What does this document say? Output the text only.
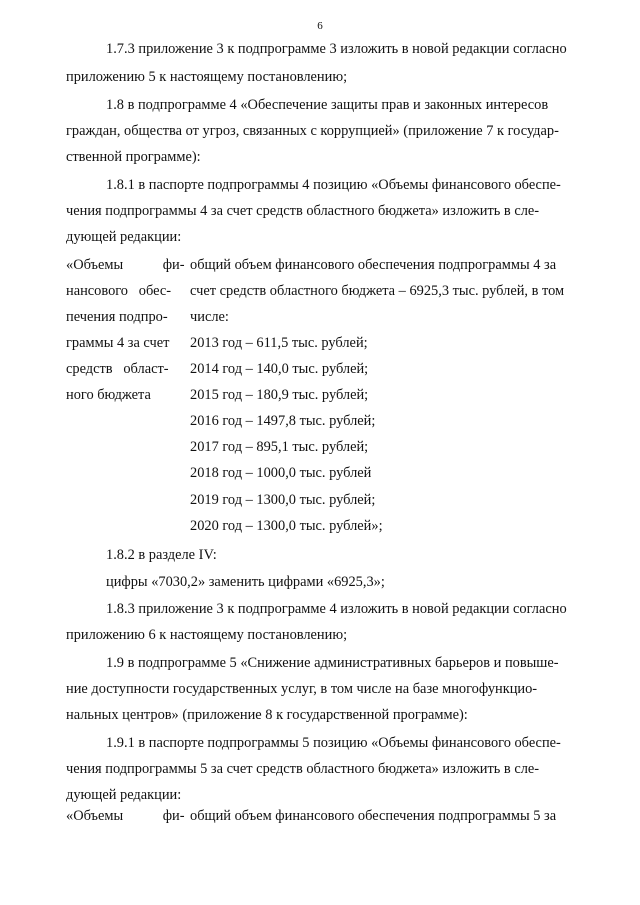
6
1.7.3 приложение 3 к подпрограмме 3 изложить в новой редакции согласно
приложению 5 к настоящему постановлению;
1.8 в подпрограмме 4 «Обеспечение защиты прав и законных интересов
граждан, общества от угроз, связанных с коррупцией» (приложение 7 к государ-
ственной программе):
1.8.1 в паспорте подпрограммы 4 позицию «Объемы финансового обеспе-
чения подпрограммы 4 за счет средств областного бюджета» изложить в сле-
дующей редакции:
1.8.2 в разделе IV:
цифры «7030,2» заменить цифрами «6925,3»;
1.8.3 приложение 3 к подпрограмме 4 изложить в новой редакции согласно
приложению 6 к настоящему постановлению;
1.9 в подпрограмме 5 «Снижение административных барьеров и повыше-
ние доступности государственных услуг, в том числе на базе многофункцио-
нальных центров» (приложение 8 к государственной программе):
1.9.1 в паспорте подпрограммы 5 позицию «Объемы финансового обеспе-
чения подпрограммы 5 за счет средств областного бюджета» изложить в сле-
дующей редакции:
«Объемы           фи-
нансового   обес-
печения подпро-
граммы 4 за счет
средств   област-
ного бюджета
общий объем финансового обеспечения подпрограммы 4 за
счет средств областного бюджета – 6925,3 тыс. рублей, в том
числе:
2013 год – 611,5 тыс. рублей;
2014 год – 140,0 тыс. рублей;
2015 год – 180,9 тыс. рублей;
2016 год – 1497,8 тыс. рублей;
2017 год – 895,1 тыс. рублей;
2018 год – 1000,0 тыс. рублей
2019 год – 1300,0 тыс. рублей;
2020 год – 1300,0 тыс. рублей»;
«Объемы           фи- общий объем финансового обеспечения подпрограммы 5 за
